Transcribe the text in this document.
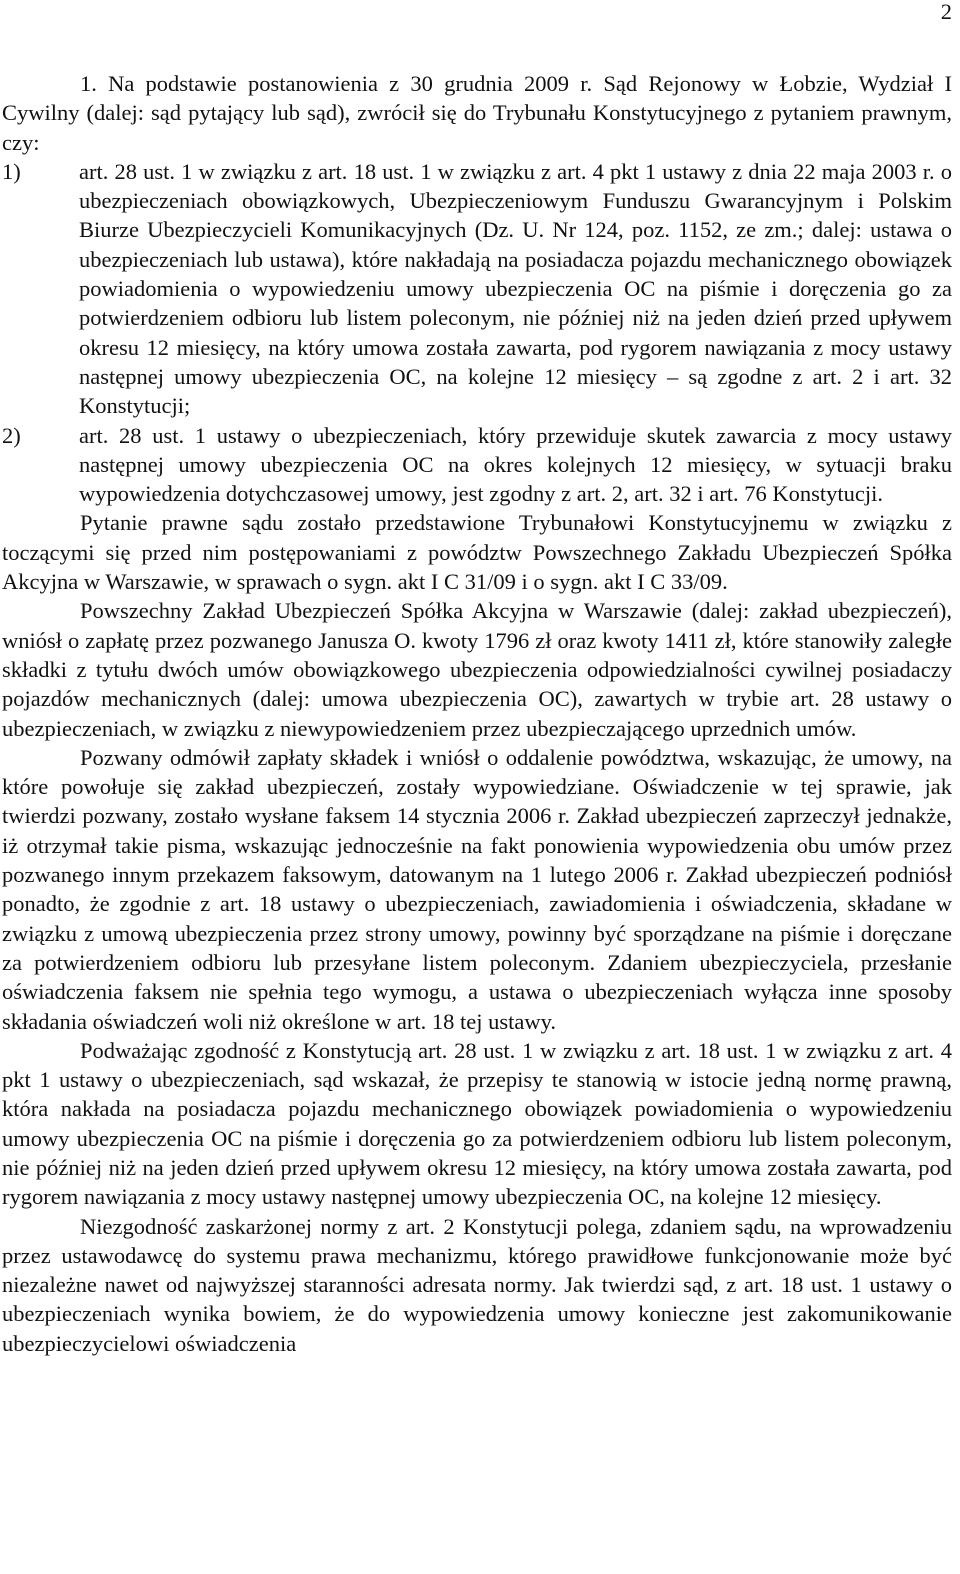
2

1. Na podstawie postanowienia z 30 grudnia 2009 r. Sąd Rejonowy w Łobzie, Wydział I Cywilny (dalej: sąd pytający lub sąd), zwrócił się do Trybunału Konstytucyjnego z pytaniem prawnym, czy:

1)	art. 28 ust. 1 w związku z art. 18 ust. 1 w związku z art. 4 pkt 1 ustawy z dnia 22 maja 2003 r. o ubezpieczeniach obowiązkowych, Ubezpieczeniowym Funduszu Gwarancyjnym i Polskim Biurze Ubezpieczycieli Komunikacyjnych (Dz. U. Nr 124, poz. 1152, ze zm.; dalej: ustawa o ubezpieczeniach lub ustawa), które nakładają na posiadacza pojazdu mechanicznego obowiązek powiadomienia o wypowiedzeniu umowy ubezpieczenia OC na piśmie i doręczenia go za potwierdzeniem odbioru lub listem poleconym, nie później niż na jeden dzień przed upływem okresu 12 miesięcy, na który umowa została zawarta, pod rygorem nawiązania z mocy ustawy następnej umowy ubezpieczenia OC, na kolejne 12 miesięcy – są zgodne z art. 2 i art. 32 Konstytucji;

2)	art. 28 ust. 1 ustawy o ubezpieczeniach, który przewiduje skutek zawarcia z mocy ustawy następnej umowy ubezpieczenia OC na okres kolejnych 12 miesięcy, w sytuacji braku wypowiedzenia dotychczasowej umowy, jest zgodny z art. 2, art. 32 i art. 76 Konstytucji.

Pytanie prawne sądu zostało przedstawione Trybunałowi Konstytucyjnemu w związku z toczącymi się przed nim postępowaniami z powództw Powszechnego Zakładu Ubezpieczeń Spółka Akcyjna w Warszawie, w sprawach o sygn. akt I C 31/09 i o sygn. akt I C 33/09.

Powszechny Zakład Ubezpieczeń Spółka Akcyjna w Warszawie (dalej: zakład ubezpieczeń), wniósł o zapłatę przez pozwanego Janusza O. kwoty 1796 zł oraz kwoty 1411 zł, które stanowiły zaległe składki z tytułu dwóch umów obowiązkowego ubezpieczenia odpowiedzialności cywilnej posiadaczy pojazdów mechanicznych (dalej: umowa ubezpieczenia OC), zawartych w trybie art. 28 ustawy o ubezpieczeniach, w związku z niewypowiedzeniem przez ubezpieczającego uprzednich umów.

Pozwany odmówił zapłaty składek i wniósł o oddalenie powództwa, wskazując, że umowy, na które powołuje się zakład ubezpieczeń, zostały wypowiedziane. Oświadczenie w tej sprawie, jak twierdzi pozwany, zostało wysłane faksem 14 stycznia 2006 r. Zakład ubezpieczeń zaprzeczył jednakże, iż otrzymał takie pisma, wskazując jednocześnie na fakt ponowienia wypowiedzenia obu umów przez pozwanego innym przekazem faksowym, datowanym na 1 lutego 2006 r. Zakład ubezpieczeń podniósł ponadto, że zgodnie z art. 18 ustawy o ubezpieczeniach, zawiadomienia i oświadczenia, składane w związku z umową ubezpieczenia przez strony umowy, powinny być sporządzane na piśmie i doręczane za potwierdzeniem odbioru lub przesyłane listem poleconym. Zdaniem ubezpieczyciela, przesłanie oświadczenia faksem nie spełnia tego wymogu, a ustawa o ubezpieczeniach wyłącza inne sposoby składania oświadczeń woli niż określone w art. 18 tej ustawy.

Podważając zgodność z Konstytucją art. 28 ust. 1 w związku z art. 18 ust. 1 w związku z art. 4 pkt 1 ustawy o ubezpieczeniach, sąd wskazał, że przepisy te stanowią w istocie jedną normę prawną, która nakłada na posiadacza pojazdu mechanicznego obowiązek powiadomienia o wypowiedzeniu umowy ubezpieczenia OC na piśmie i doręczenia go za potwierdzeniem odbioru lub listem poleconym, nie później niż na jeden dzień przed upływem okresu 12 miesięcy, na który umowa została zawarta, pod rygorem nawiązania z mocy ustawy następnej umowy ubezpieczenia OC, na kolejne 12 miesięcy.

Niezgodność zaskarżonej normy z art. 2 Konstytucji polega, zdaniem sądu, na wprowadzeniu przez ustawodawcę do systemu prawa mechanizmu, którego prawidłowe funkcjonowanie może być niezależne nawet od najwyższej staranności adresata normy. Jak twierdzi sąd, z art. 18 ust. 1 ustawy o ubezpieczeniach wynika bowiem, że do wypowiedzenia umowy konieczne jest zakomunikowanie ubezpieczycielowi oświadczenia
